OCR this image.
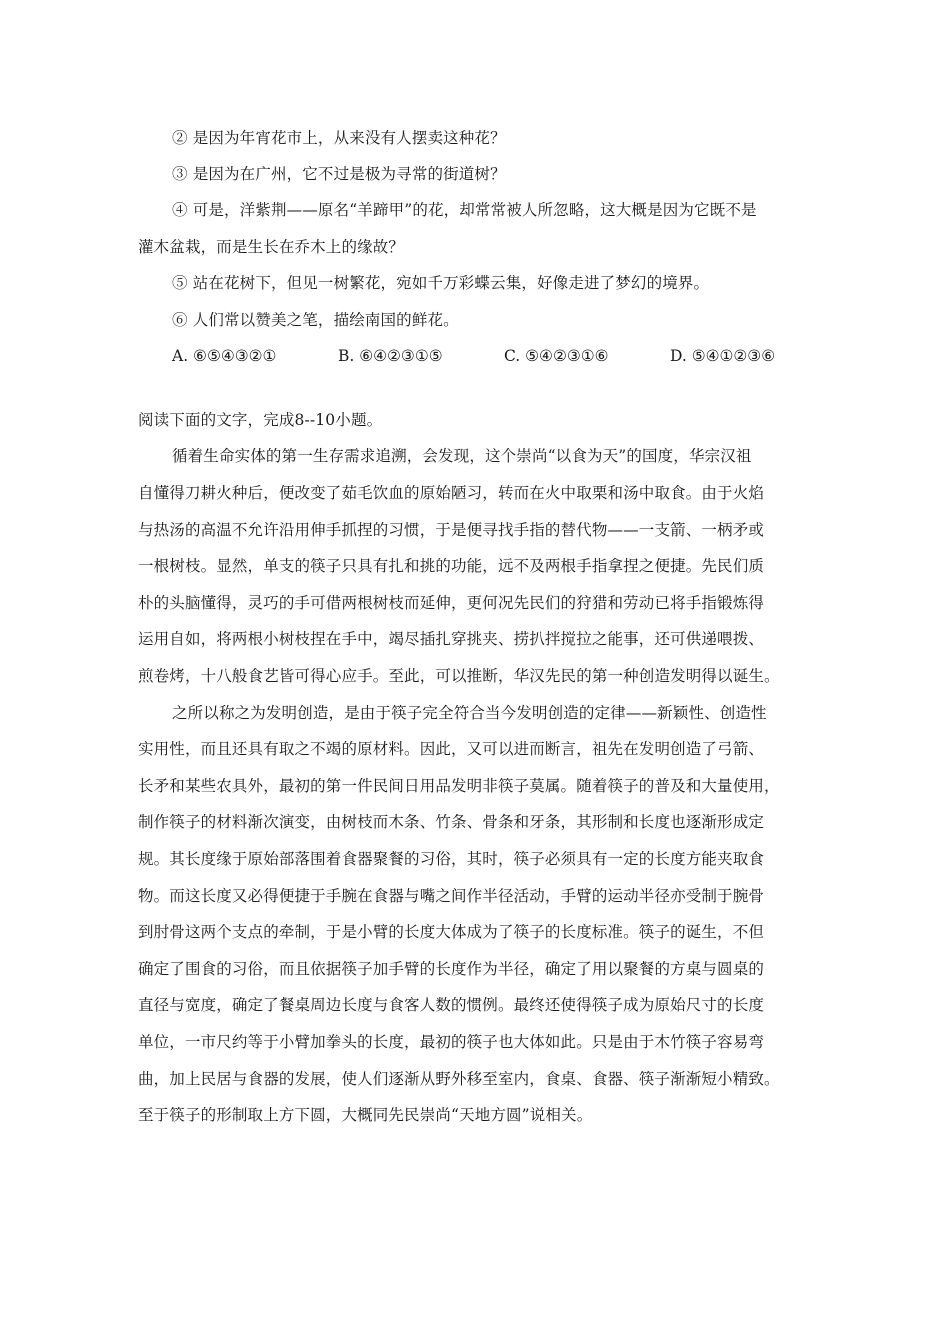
② 是因为年宵花市上，从来没有人摆卖这种花？
③ 是因为在广州，它不过是极为寻常的街道树？
④ 可是，洋紫荆——原名“羊蹄甲”的花，却常常被人所忽略，这大概是因为它既不是
灌木盆栽，而是生长在乔木上的缘故？
⑤ 站在花树下，但见一树繁花，宛如千万彩蝶云集，好像走进了梦幻的境界。
⑥ 人们常以赞美之笔，描绘南国的鲜花。
A. ⑥⑤④③②①	B. ⑥④②③①⑤	C. ⑤④②③①⑥	D. ⑤④①②③⑥
阅读下面的文字，完成8--10小题。
循着生命实体的第一生存需求追溯，会发现，这个崇尚“以食为天”的国度，华宗汉祖
自懂得刀耕火种后，便改变了茹毛饮血的原始陋习，转而在火中取栗和汤中取食。由于火焰
与热汤的高温不允许沿用伸手抓捏的习惯，于是便寻找手指的替代物——一支箭、一柄矛或
一根树枝。显然，单支的筷子只具有扎和挑的功能，远不及两根手指拿捏之便捷。先民们质
朴的头脑懂得，灵巧的手可借两根树枝而延伸，更何况先民们的狩猎和劳动已将手指锻炼得
运用自如，将两根小树枝捏在手中，竭尽插扎穿挑夹、捞扒拌搅拉之能事，还可供递喂拨、
煎卷烤，十八般食艺皆可得心应手。至此，可以推断，华汉先民的第一种创造发明得以诞生。
之所以称之为发明创造，是由于筷子完全符合当今发明创造的定律——新颖性、创造性
实用性，而且还具有取之不竭的原材料。因此，又可以进而断言，祖先在发明创造了弓箭、
长矛和某些农具外，最初的第一件民间日用品发明非筷子莫属。随着筷子的普及和大量使用，
制作筷子的材料渐次演变，由树枝而木条、竹条、骨条和牙条，其形制和长度也逐渐形成定
规。其长度缘于原始部落围着食器聚餐的习俗，其时，筷子必须具有一定的长度方能夹取食
物。而这长度又必得便捷于手腕在食器与嘴之间作半径活动，手臂的运动半径亦受制于腕骨
到肘骨这两个支点的牵制，于是小臂的长度大体成为了筷子的长度标准。筷子的诞生，不但
确定了围食的习俗，而且依据筷子加手臂的长度作为半径，确定了用以聚餐的方桌与圆桌的
直径与宽度，确定了餐桌周边长度与食客人数的惯例。最终还使得筷子成为原始尺寸的长度
单位，一市尺约等于小臂加拳头的长度，最初的筷子也大体如此。只是由于木竹筷子容易弯
曲，加上民居与食器的发展，使人们逐渐从野外移至室内，食桌、食器、筷子渐渐短小精致。
至于筷子的形制取上方下圆，大概同先民崇尚“天地方圆”说相关。
